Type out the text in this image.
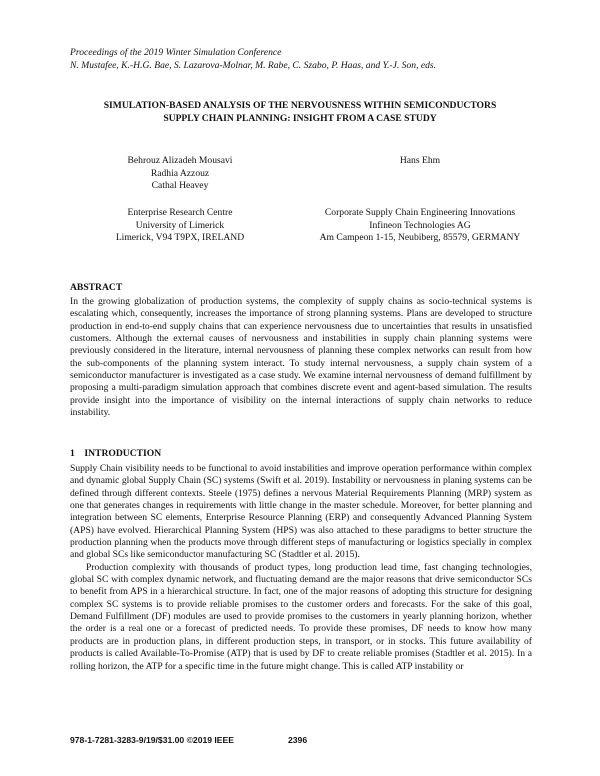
Proceedings of the 2019 Winter Simulation Conference
N. Mustafee, K.-H.G. Bae, S. Lazarova-Molnar, M. Rabe, C. Szabo, P. Haas, and Y.-J. Son, eds.
SIMULATION-BASED ANALYSIS OF THE NERVOUSNESS WITHIN SEMICONDUCTORS
SUPPLY CHAIN PLANNING: INSIGHT FROM A CASE STUDY
Behrouz Alizadeh Mousavi
Radhia Azzouz
Cathal Heavey
Hans Ehm
Enterprise Research Centre
University of Limerick
Limerick, V94 T9PX, IRELAND
Corporate Supply Chain Engineering Innovations
Infineon Technologies AG
Am Campeon 1-15, Neubiberg, 85579, GERMANY
ABSTRACT

In the growing globalization of production systems, the complexity of supply chains as socio-technical systems is escalating which, consequently, increases the importance of strong planning systems. Plans are developed to structure production in end-to-end supply chains that can experience nervousness due to uncertainties that results in unsatisfied customers. Although the external causes of nervousness and instabilities in supply chain planning systems were previously considered in the literature, internal nervousness of planning these complex networks can result from how the sub-components of the planning system interact. To study internal nervousness, a supply chain system of a semiconductor manufacturer is investigated as a case study. We examine internal nervousness of demand fulfillment by proposing a multi-paradigm simulation approach that combines discrete event and agent-based simulation. The results provide insight into the importance of visibility on the internal interactions of supply chain networks to reduce instability.

1 INTRODUCTION

Supply Chain visibility needs to be functional to avoid instabilities and improve operation performance within complex and dynamic global Supply Chain (SC) systems (Swift et al. 2019). Instability or nervousness in planing systems can be defined through different contexts. Steele (1975) defines a nervous Material Requirements Planning (MRP) system as one that generates changes in requirements with little change in the master schedule. Moreover, for better planning and integration between SC elements, Enterprise Resource Planning (ERP) and consequently Advanced Planning System (APS) have evolved. Hierarchical Planning System (HPS) was also attached to these paradigms to better structure the production planning when the products move through different steps of manufacturing or logistics specially in complex and global SCs like semiconductor manufacturing SC (Stadtler et al. 2015).

Production complexity with thousands of product types, long production lead time, fast changing technologies, global SC with complex dynamic network, and fluctuating demand are the major reasons that drive semiconductor SCs to benefit from APS in a hierarchical structure. In fact, one of the major reasons of adopting this structure for designing complex SC systems is to provide reliable promises to the customer orders and forecasts. For the sake of this goal, Demand Fulfillment (DF) modules are used to provide promises to the customers in yearly planning horizon, whether the order is a real one or a forecast of predicted needs. To provide these promises, DF needs to know how many products are in production plans, in different production steps, in transport, or in stocks. This future availability of products is called Available-To-Promise (ATP) that is used by DF to create reliable promises (Stadtler et al. 2015). In a rolling horizon, the ATP for a specific time in the future might change. This is called ATP instability or

978-1-7281-3283-9/19/$31.00 ©2019 IEEE	2396
